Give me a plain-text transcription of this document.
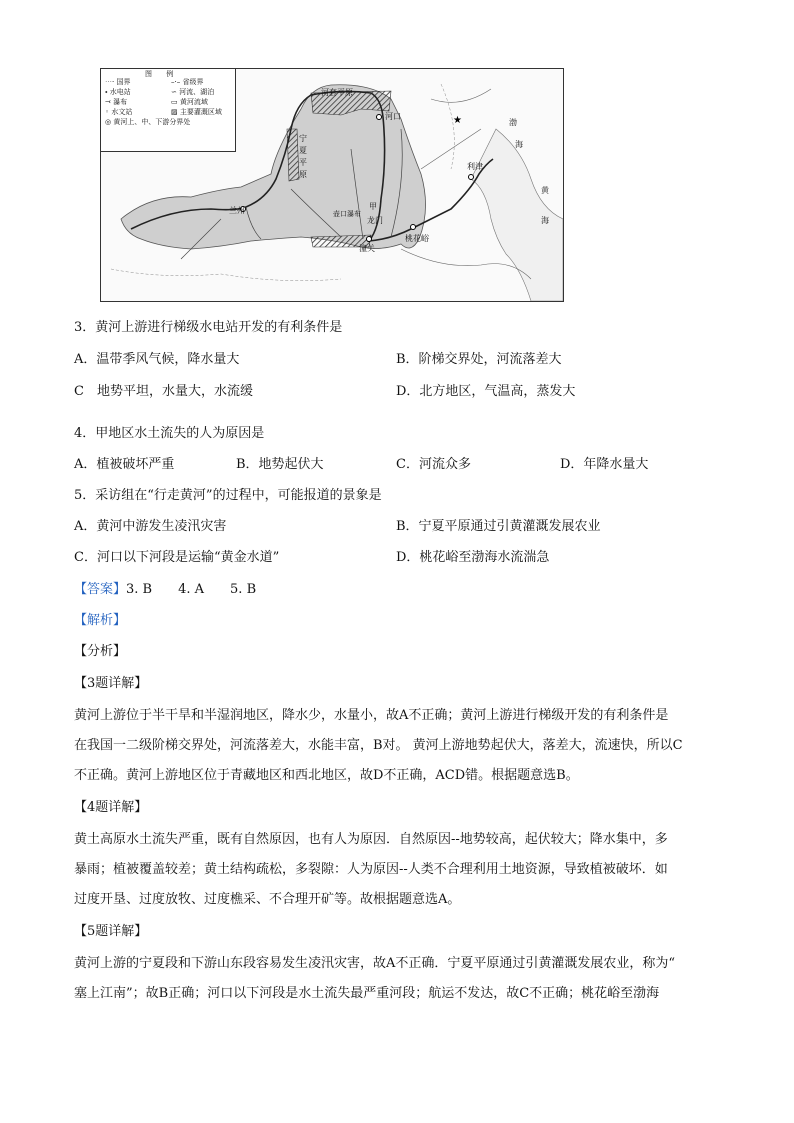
★
图 例
⋯· 国界	–·– 省级界
⬩ 水电站	∽ 河流、湖泊
⤙ 瀑布	▭ 黄河流域
◦ 水文站	▨ 主要灌溉区域
◎ 黄河上、中、下游分界处
河套平原
河口
渤
海
利津
黄
海
宁
夏
平
原
兰州	壶口瀑布
甲
龙门
潼关
桃花峪
3．黄河上游进行梯级水电站开发的有利条件是
A．温带季风气候，降水量大	B．阶梯交界处，河流落差大
C　地势平坦，水量大，水流缓	D．北方地区，气温高，蒸发大
4．甲地区水土流失的人为原因是
A．植被破坏严重	B．地势起伏大	C．河流众多	D．年降水量大
5．采访组在“行走黄河”的过程中，可能报道的景象是
A．黄河中游发生凌汛灾害	B．宁夏平原通过引黄灌溉发展农业
C．河口以下河段是运输“黄金水道”	D．桃花峪至渤海水流湍急
【答案】3. B　　4. A　　5. B
【解析】
【分析】
【3题详解】
黄河上游位于半干旱和半湿润地区，降水少，水量小，故A不正确；黄河上游进行梯级开发的有利条件是
在我国一二级阶梯交界处，河流落差大，水能丰富，B对。 黄河上游地势起伏大，落差大，流速快，所以C
不正确。黄河上游地区位于青藏地区和西北地区，故D不正确，ACD错。根据题意选B。
【4题详解】
黄土高原水土流失严重，既有自然原因，也有人为原因．自然原因--地势较高，起伏较大；降水集中，多
暴雨；植被覆盖较差；黄土结构疏松，多裂隙：人为原因--人类不合理利用土地资源，导致植被破坏．如
过度开垦、过度放牧、过度樵采、不合理开矿等。故根据题意选A。
【5题详解】
黄河上游的宁夏段和下游山东段容易发生凌汛灾害，故A不正确．宁夏平原通过引黄灌溉发展农业，称为“
塞上江南”；故B正确；河口以下河段是水土流失最严重河段；航运不发达，故C不正确；桃花峪至渤海
